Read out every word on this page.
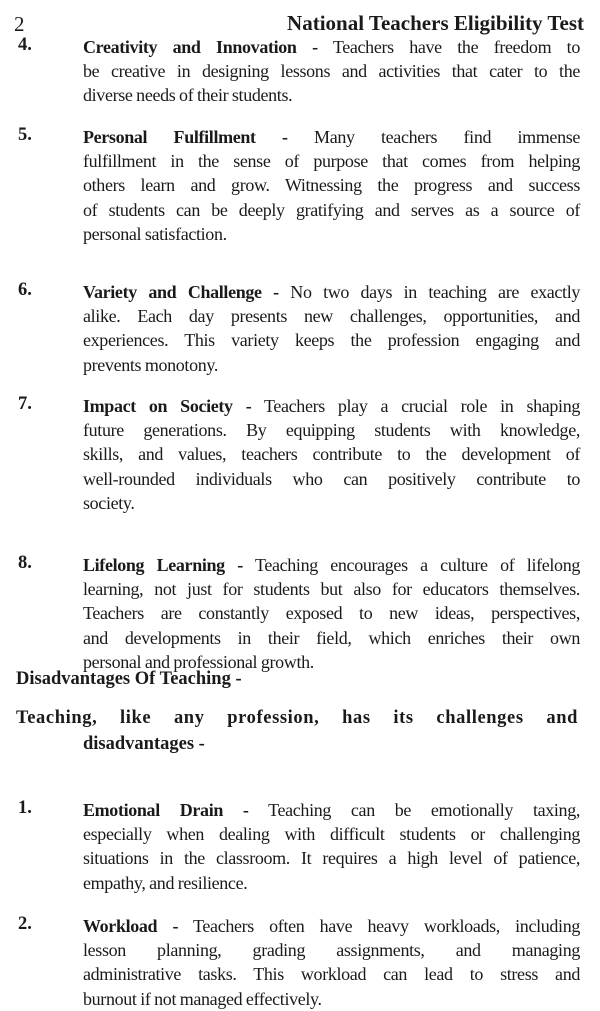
2	National Teachers Eligibility Test
4.	Creativity and Innovation - Teachers have the freedom to
be creative in designing lessons and activities that cater to the
diverse needs of their students.
5.	Personal Fulfillment - Many teachers find immense
fulfillment in the sense of purpose that comes from helping
others learn and grow. Witnessing the progress and success
of students can be deeply gratifying and serves as a source of
personal satisfaction.
6.	Variety and Challenge - No two days in teaching are exactly
alike. Each day presents new challenges, opportunities, and
experiences. This variety keeps the profession engaging and
prevents monotony.
7.	Impact on Society - Teachers play a crucial role in shaping
future generations. By equipping students with knowledge,
skills, and values, teachers contribute to the development of
well-rounded individuals who can positively contribute to
society.
8.	Lifelong Learning - Teaching encourages a culture of lifelong
learning, not just for students but also for educators themselves.
Teachers are constantly exposed to new ideas, perspectives,
and developments in their field, which enriches their own
personal and professional growth.
Disadvantages Of Teaching -
Teaching, like any profession, has its challenges and
disadvantages -
1.	Emotional Drain - Teaching can be emotionally taxing,
especially when dealing with difficult students or challenging
situations in the classroom. It requires a high level of patience,
empathy, and resilience.
2.	Workload - Teachers often have heavy workloads, including
lesson planning, grading assignments, and managing
administrative tasks. This workload can lead to stress and
burnout if not managed effectively.
